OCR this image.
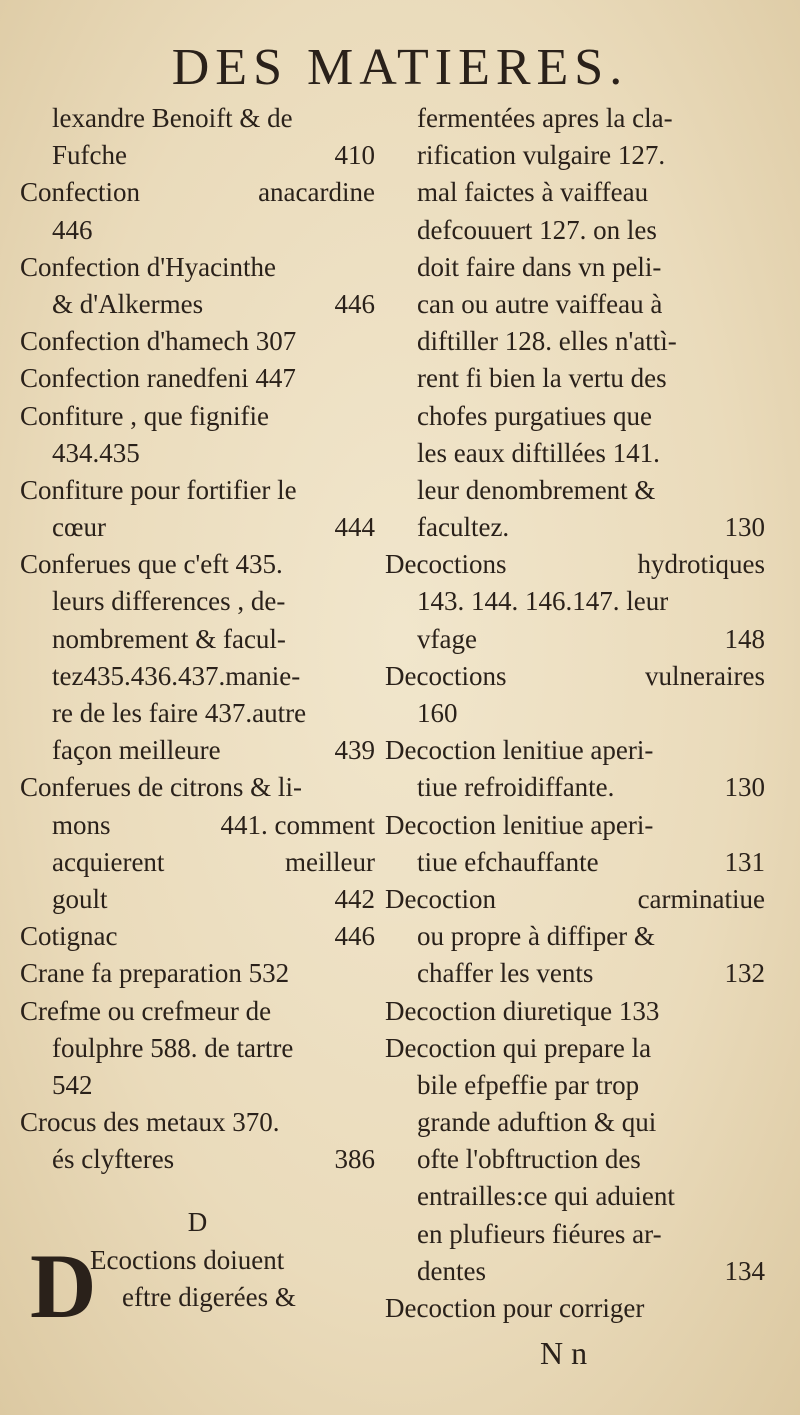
DES MATIERES.
lexandre Benoift & de
Fufche	410
Confection	anacardine
446
Confection d'Hyacinthe
& d'Alkermes	446
Confection d'hamech 307
Confection ranedfeni 447
Confiture , que fignifie
434.435
Confiture pour fortifier le
cœur	444
Conferues que c'eft 435.
leurs differences , de-
nombrement & facul-
tez435.436.437.manie-
re de les faire 437.autre
façon meilleure	439
Conferues de citrons & li-
mons	441. comment
acquierent	meilleur
goult	442
Cotignac	446
Crane fa preparation 532
Crefme ou crefmeur de
foulphre 588. de tartre
542
Crocus des metaux 370.
és clyfteres	386
D
D
Ecoctions doiuent
eftre digerées &
fermentées apres la cla-
rification vulgaire 127.
mal faictes à vaiffeau
defcouuert 127. on les
doit faire dans vn peli-
can ou autre vaiffeau à
diftiller 128. elles n'attì-
rent fi bien la vertu des
chofes purgatiues que
les eaux diftillées 141.
leur denombrement &
facultez.	130
Decoctions	hydrotiques
143. 144. 146.147. leur
vfage	148
Decoctions	vulneraires
160
Decoction lenitiue aperi-
tiue refroidiffante.	130
Decoction lenitiue aperi-
tiue efchauffante	131
Decoction	carminatiue
ou propre à diffiper &
chaffer les vents	132
Decoction diuretique 133
Decoction qui prepare la
bile efpeffie par trop
grande aduftion & qui
ofte l'obftruction des
entrailles:ce qui aduient
en plufieurs fiéures ar-
dentes	134
Decoction pour corriger
N n
